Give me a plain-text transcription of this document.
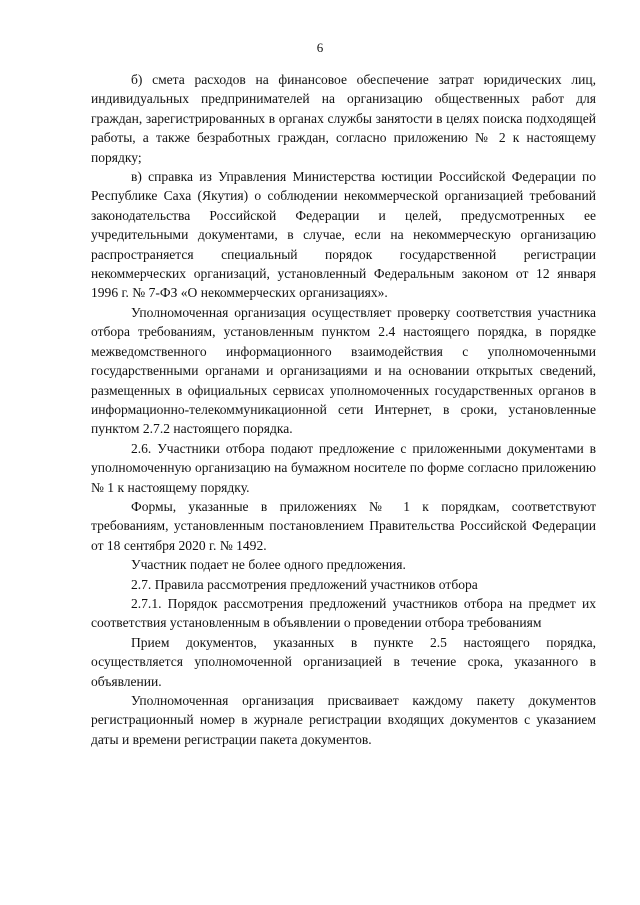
6

б) смета расходов на финансовое обеспечение затрат юридических лиц, индивидуальных предпринимателей на организацию общественных работ для граждан, зарегистрированных в органах службы занятости в целях поиска подходящей работы, а также безработных граждан, согласно приложению № 2 к настоящему порядку;

в) справка из Управления Министерства юстиции Российской Федерации по Республике Саха (Якутия) о соблюдении некоммерческой организацией требований законодательства Российской Федерации и целей, предусмотренных ее учредительными документами, в случае, если на некоммерческую организацию распространяется специальный порядок государственной регистрации некоммерческих организаций, установленный Федеральным законом от 12 января 1996 г. № 7-ФЗ «О некоммерческих организациях».

Уполномоченная организация осуществляет проверку соответствия участника отбора требованиям, установленным пунктом 2.4 настоящего порядка, в порядке межведомственного информационного взаимодействия с уполномоченными государственными органами и организациями и на основании открытых сведений, размещенных в официальных сервисах уполномоченных государственных органов в информационно-телекоммуникационной сети Интернет, в сроки, установленные пунктом 2.7.2 настоящего порядка.

2.6. Участники отбора подают предложение с приложенными документами в уполномоченную организацию на бумажном носителе по форме согласно приложению № 1 к настоящему порядку.

Формы, указанные в приложениях № 1 к порядкам, соответствуют требованиям, установленным постановлением Правительства Российской Федерации от 18 сентября 2020 г. № 1492.

Участник подает не более одного предложения.

2.7. Правила рассмотрения предложений участников отбора

2.7.1. Порядок рассмотрения предложений участников отбора на предмет их соответствия установленным в объявлении о проведении отбора требованиям

Прием документов, указанных в пункте 2.5 настоящего порядка, осуществляется уполномоченной организацией в течение срока, указанного в объявлении.

Уполномоченная организация присваивает каждому пакету документов регистрационный номер в журнале регистрации входящих документов с указанием даты и времени регистрации пакета документов.
